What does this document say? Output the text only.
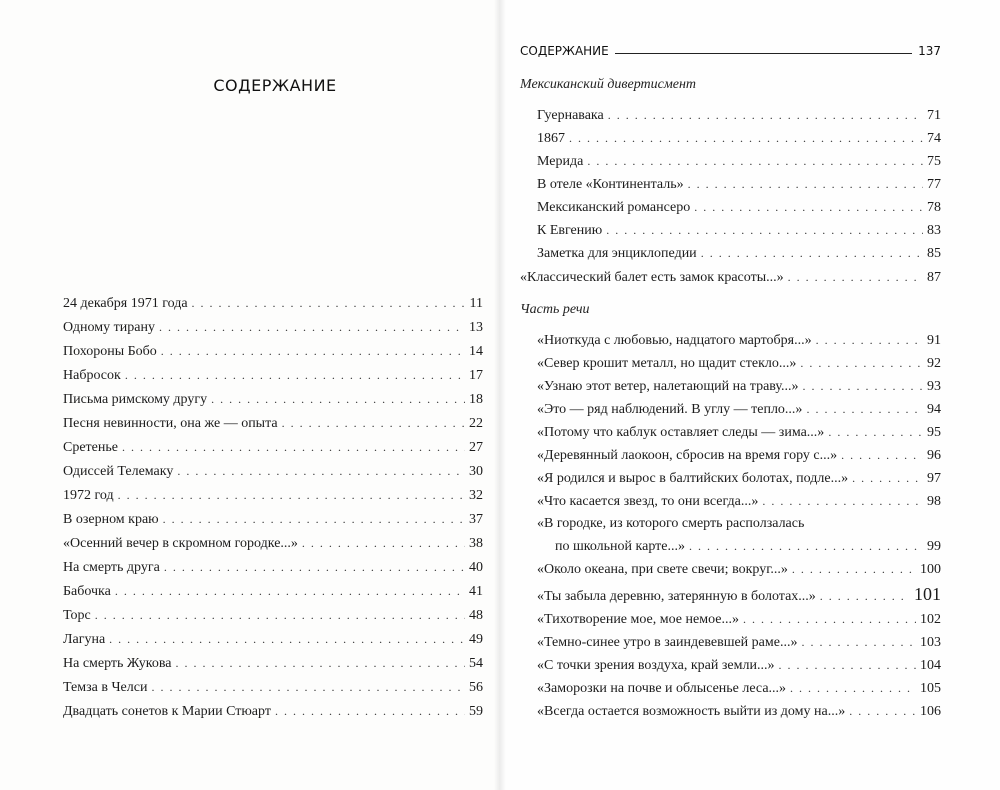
СОДЕРЖАНИЕ
24 декабря 1971 года . . .	11
Одному тирану . . .	13
Похороны Бобо . . .	14
Набросок . . .	17
Письма римскому другу . . .	18
Песня невинности, она же — опыта . . .	22
Сретенье . . .	27
Одиссей Телемаку . . .	30
1972 год . . .	32
В озерном краю . . .	37
«Осенний вечер в скромном городке...» . . .	38
На смерть друга . . .	40
Бабочка . . .	41
Торс . . .	48
Лагуна . . .	49
На смерть Жукова . . .	54
Темза в Челси . . .	56
Двадцать сонетов к Марии Стюарт . . .	59
СОДЕРЖАНИЕ	137
Мексиканский дивертисмент
Гуернавака . . .	71
1867 . . .	74
Мерида . . .	75
В отеле «Континенталь» . . .	77
Мексиканский романсеро . . .	78
К Евгению . . .	83
Заметка для энциклопедии . . .	85
«Классический балет есть замок красоты...» . . .	87
Часть речи
«Ниоткуда с любовью, надцатого мартобря...» . . .	91
«Север крошит металл, но щадит стекло...» . . .	92
«Узнаю этот ветер, налетающий на траву...» . . .	93
«Это — ряд наблюдений. В углу — тепло...» . . .	94
«Потому что каблук оставляет следы — зима...» . . .	95
«Деревянный лаокоон, сбросив на время гору с...» . . .	96
«Я родился и вырос в балтийских болотах, подле...» . . .	97
«Что касается звезд, то они всегда...» . . .	98
«В городке, из которого смерть расползалась
по школьной карте...» . . .	99
«Около океана, при свете свечи; вокруг...» . . .	100
«Ты забыла деревню, затерянную в болотах...» . . .	101
«Тихотворение мое, мое немое...» . . .	102
«Темно-синее утро в заиндевевшей раме...» . . .	103
«С точки зрения воздуха, край земли...» . . .	104
«Заморозки на почве и облысенье леса...» . . .	105
«Всегда остается возможность выйти из дому на...» . . .	106
